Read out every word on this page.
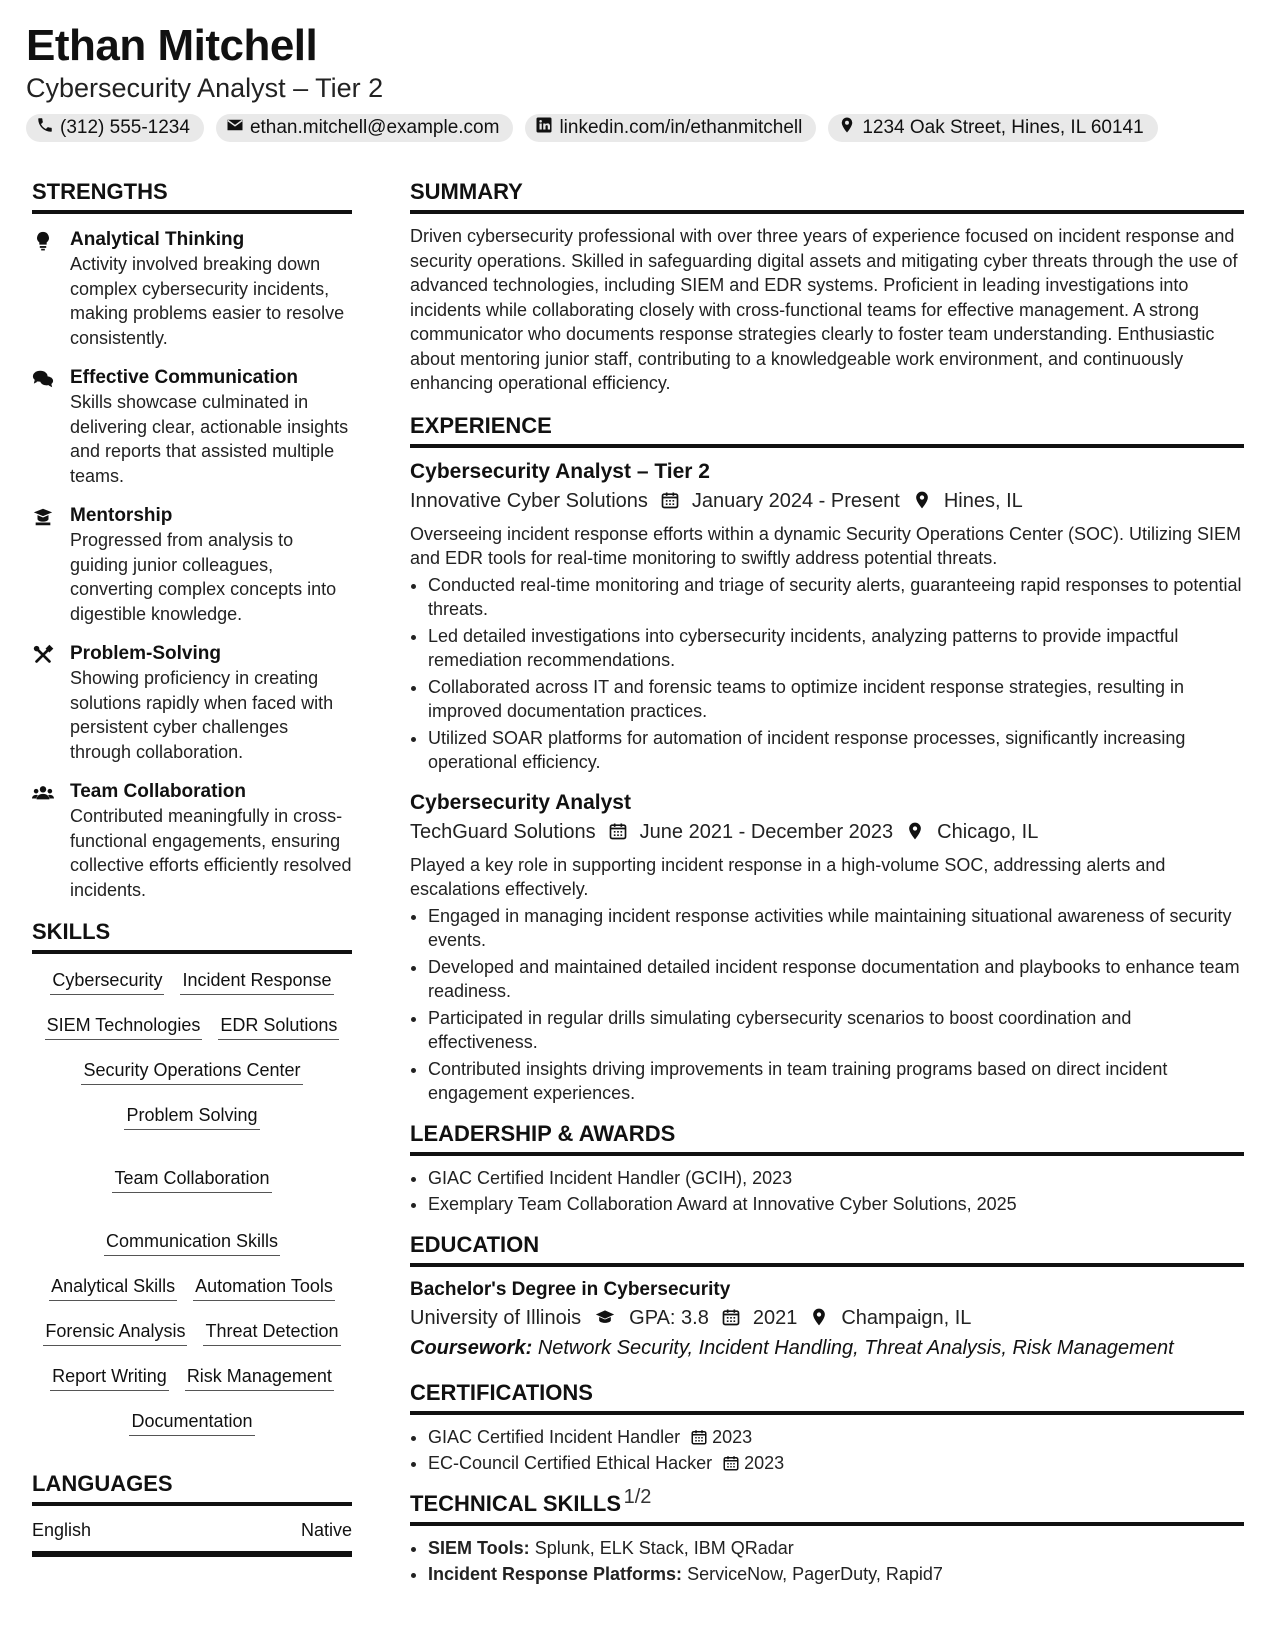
Ethan Mitchell
Cybersecurity Analyst – Tier 2
(312) 555-1234	ethan.mitchell@example.com	linkedin.com/in/ethanmitchell	1234 Oak Street, Hines, IL 60141
STRENGTHS
Analytical Thinking
Activity involved breaking down complex cybersecurity incidents, making problems easier to resolve consistently.
Effective Communication
Skills showcase culminated in delivering clear, actionable insights and reports that assisted multiple teams.
Mentorship
Progressed from analysis to guiding junior colleagues, converting complex concepts into digestible knowledge.
Problem-Solving
Showing proficiency in creating solutions rapidly when faced with persistent cyber challenges through collaboration.
Team Collaboration
Contributed meaningfully in cross-functional engagements, ensuring collective efforts efficiently resolved incidents.
SKILLS
Cybersecurity Incident Response
SIEM Technologies EDR Solutions
Security Operations Center
Problem Solving
Team Collaboration
Communication Skills
Analytical Skills Automation Tools
Forensic Analysis Threat Detection
Report Writing Risk Management
Documentation
LANGUAGES
English	Native
SUMMARY

Driven cybersecurity professional with over three years of experience focused on incident response and security operations. Skilled in safeguarding digital assets and mitigating cyber threats through the use of advanced technologies, including SIEM and EDR systems. Proficient in leading investigations into incidents while collaborating closely with cross-functional teams for effective management. A strong communicator who documents response strategies clearly to foster team understanding. Enthusiastic about mentoring junior staff, contributing to a knowledgeable work environment, and continuously enhancing operational efficiency.

EXPERIENCE
Cybersecurity Analyst – Tier 2
Innovative Cyber Solutions January 2024 - Present Hines, IL
Overseeing incident response efforts within a dynamic Security Operations Center (SOC). Utilizing SIEM and EDR tools for real-time monitoring to swiftly address potential threats.
• Conducted real-time monitoring and triage of security alerts, guaranteeing rapid responses to potential threats.
• Led detailed investigations into cybersecurity incidents, analyzing patterns to provide impactful remediation recommendations.
• Collaborated across IT and forensic teams to optimize incident response strategies, resulting in improved documentation practices.
• Utilized SOAR platforms for automation of incident response processes, significantly increasing operational efficiency.
Cybersecurity Analyst
TechGuard Solutions June 2021 - December 2023 Chicago, IL
Played a key role in supporting incident response in a high-volume SOC, addressing alerts and escalations effectively.
• Engaged in managing incident response activities while maintaining situational awareness of security events.
• Developed and maintained detailed incident response documentation and playbooks to enhance team readiness.
• Participated in regular drills simulating cybersecurity scenarios to boost coordination and effectiveness.
• Contributed insights driving improvements in team training programs based on direct incident engagement experiences.
LEADERSHIP & AWARDS
• GIAC Certified Incident Handler (GCIH), 2023
• Exemplary Team Collaboration Award at Innovative Cyber Solutions, 2025
EDUCATION
Bachelor's Degree in Cybersecurity
University of Illinois GPA: 3.8 2021 Champaign, IL
Coursework: Network Security, Incident Handling, Threat Analysis, Risk Management
CERTIFICATIONS
• GIAC Certified Incident Handler 2023
• EC-Council Certified Ethical Hacker 2023
TECHNICAL SKILLS
• SIEM Tools: Splunk, ELK Stack, IBM QRadar
• Incident Response Platforms: ServiceNow, PagerDuty, Rapid7
1/2
